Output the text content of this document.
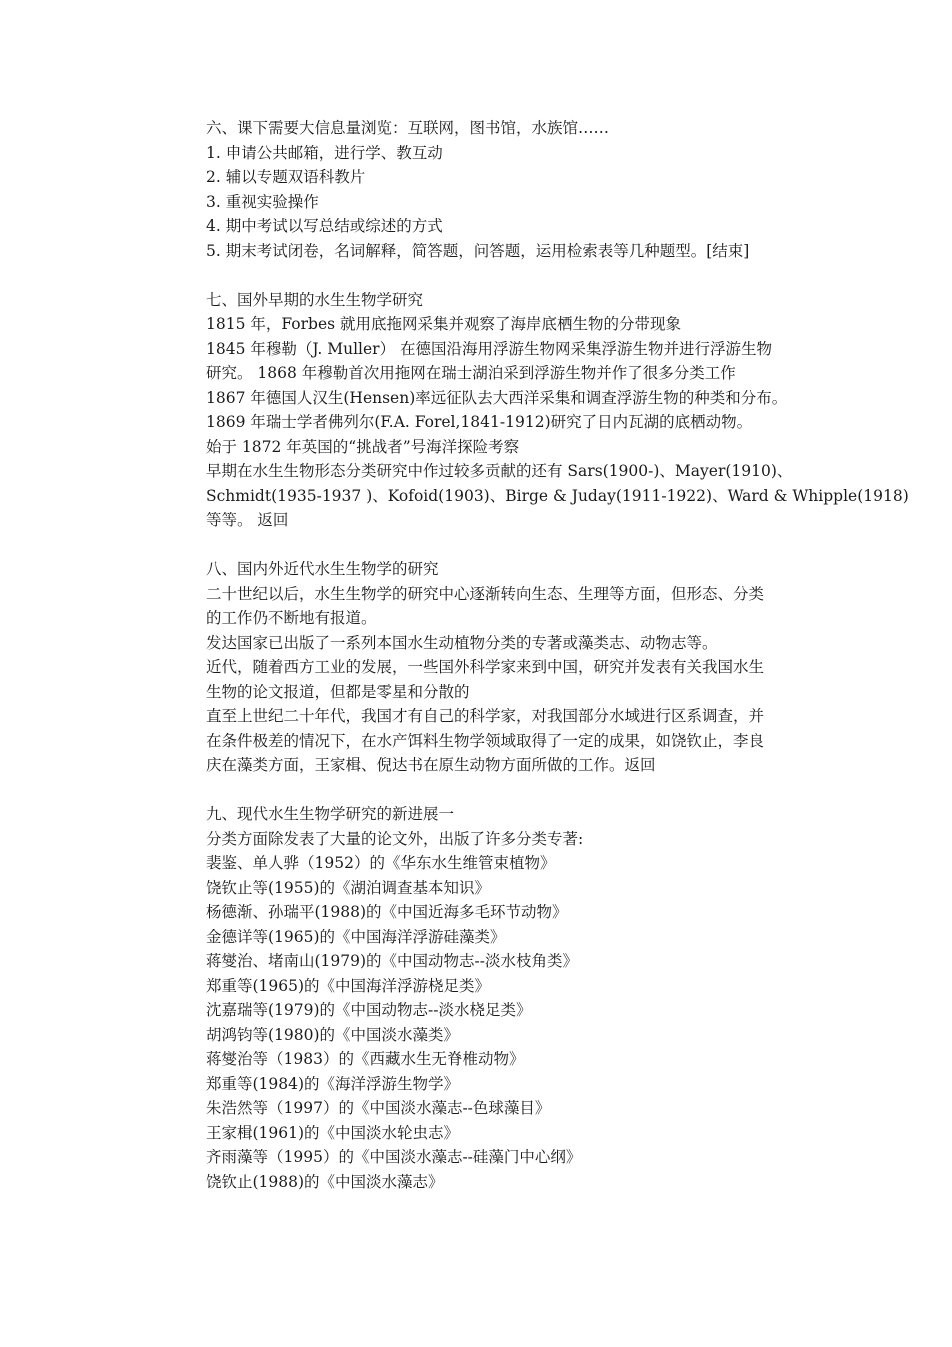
六、课下需要大信息量浏览：互联网，图书馆，水族馆……
1. 申请公共邮箱，进行学、教互动
2. 辅以专题双语科教片
3. 重视实验操作
4. 期中考试以写总结或综述的方式
5. 期末考试闭卷，名词解释，简答题，问答题，运用检索表等几种题型。[结束]
七、国外早期的水生生物学研究
1815 年，Forbes 就用底拖网采集并观察了海岸底栖生物的分带现象
1845 年穆勒（J. Muller） 在德国沿海用浮游生物网采集浮游生物并进行浮游生物
研究。 1868 年穆勒首次用拖网在瑞士湖泊采到浮游生物并作了很多分类工作
1867 年德国人汉生(Hensen)率远征队去大西洋采集和调查浮游生物的种类和分布。
1869 年瑞士学者佛列尔(F.A. Forel,1841-1912)研究了日内瓦湖的底栖动物。
始于 1872 年英国的“挑战者”号海洋探险考察
早期在水生生物形态分类研究中作过较多贡献的还有 Sars(1900-)、Mayer(1910)、
Schmidt(1935-1937 )、Kofoid(1903)、Birge & Juday(1911-1922)、Ward & Whipple(1918)
等等。 返回
八、国内外近代水生生物学的研究
二十世纪以后，水生生物学的研究中心逐渐转向生态、生理等方面，但形态、分类
的工作仍不断地有报道。
发达国家已出版了一系列本国水生动植物分类的专著或藻类志、动物志等。
近代，随着西方工业的发展，一些国外科学家来到中国，研究并发表有关我国水生
生物的论文报道，但都是零星和分散的
直至上世纪二十年代，我国才有自己的科学家，对我国部分水域进行区系调查，并
在条件极差的情况下，在水产饵料生物学领域取得了一定的成果，如饶钦止，李良
庆在藻类方面，王家楫、倪达书在原生动物方面所做的工作。返回
九、现代水生生物学研究的新进展一
分类方面除发表了大量的论文外，出版了许多分类专著:
裴鉴、单人骅（1952）的《华东水生维管束植物》
饶钦止等(1955)的《湖泊调查基本知识》
杨德渐、孙瑞平(1988)的《中国近海多毛环节动物》
金德详等(1965)的《中国海洋浮游硅藻类》
蒋燮治、堵南山(1979)的《中国动物志--淡水枝角类》
郑重等(1965)的《中国海洋浮游桡足类》
沈嘉瑞等(1979)的《中国动物志--淡水桡足类》
胡鸿钧等(1980)的《中国淡水藻类》
蒋燮治等（1983）的《西藏水生无脊椎动物》
郑重等(1984)的《海洋浮游生物学》
朱浩然等（1997）的《中国淡水藻志--色球藻目》
王家楫(1961)的《中国淡水轮虫志》
齐雨藻等（1995）的《中国淡水藻志--硅藻门中心纲》
饶钦止(1988)的《中国淡水藻志》
